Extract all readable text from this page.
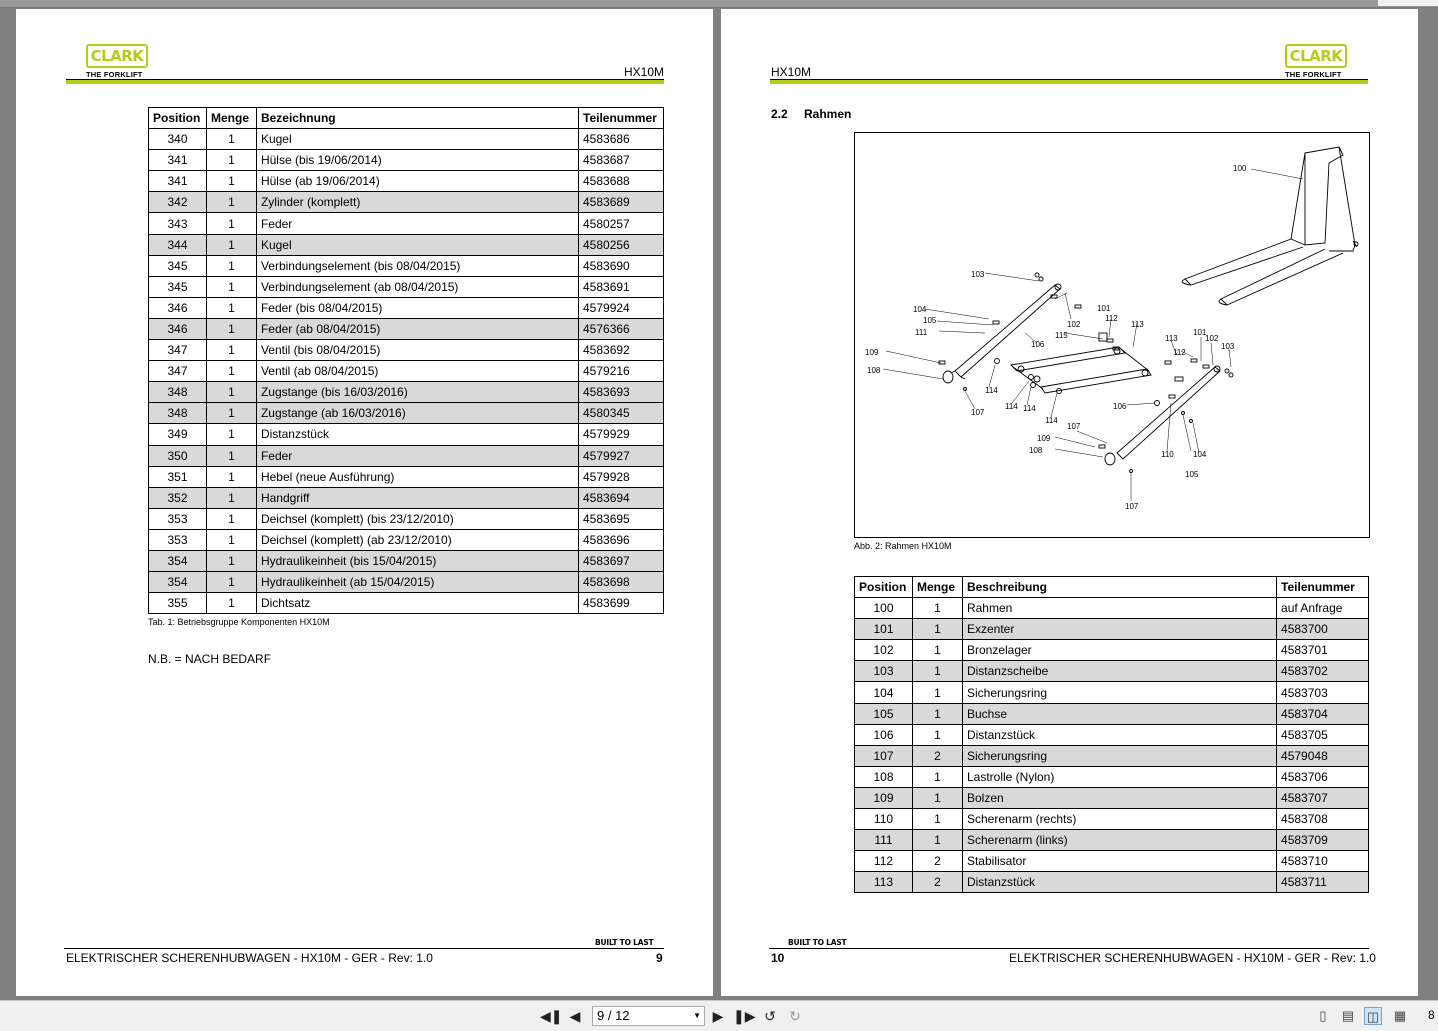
CLARK
THE FORKLIFT	HX10M
Position	Menge	Bezeichnung	Teilenummer
340	1	Kugel	4583686
341	1	Hülse (bis 19/06/2014)	4583687
341	1	Hülse (ab 19/06/2014)	4583688
342	1	Zylinder (komplett)	4583689
343	1	Feder	4580257
344	1	Kugel	4580256
345	1	Verbindungselement (bis 08/04/2015)	4583690
345	1	Verbindungselement (ab 08/04/2015)	4583691
346	1	Feder (bis 08/04/2015)	4579924
346	1	Feder (ab 08/04/2015)	4576366
347	1	Ventil (bis 08/04/2015)	4583692
347	1	Ventil (ab 08/04/2015)	4579216
348	1	Zugstange (bis 16/03/2016)	4583693
348	1	Zugstange (ab 16/03/2016)	4580345
349	1	Distanzstück	4579929
350	1	Feder	4579927
351	1	Hebel (neue Ausführung)	4579928
352	1	Handgriff	4583694
353	1	Deichsel (komplett) (bis 23/12/2010)	4583695
353	1	Deichsel (komplett) (ab 23/12/2010)	4583696
354	1	Hydraulikeinheit (bis 15/04/2015)	4583697
354	1	Hydraulikeinheit (ab 15/04/2015)	4583698
355	1	Dichtsatz	4583699
Tab. 1: Betriebsgruppe Komponenten HX10M
N.B. = NACH BEDARF
BUILT TO LAST
ELEKTRISCHER SCHERENHUBWAGEN - HX10M - GER - Rev: 1.0	9
HX10M
CLARK
THE FORKLIFT
2.2 Rahmen
100
101
102
103
104
105
106
107
108
109
110
111
112
113
114
115
114 114
114
106
107
109
108
107
105
104
113
112
101
102
103
Abb. 2: Rahmen HX10M
Position	Menge	Beschreibung	Teilenummer
100	1	Rahmen	auf Anfrage
101	1	Exzenter	4583700
102	1	Bronzelager	4583701
103	1	Distanzscheibe	4583702
104	1	Sicherungsring	4583703
105	1	Buchse	4583704
106	1	Distanzstück	4583705
107	2	Sicherungsring	4579048
108	1	Lastrolle (Nylon)	4583706
109	1	Bolzen	4583707
110	1	Scherenarm (rechts)	4583708
111	1	Scherenarm (links)	4583709
112	2	Stabilisator	4583710
113	2	Distanzstück	4583711
BUILT TO LAST
10	ELEKTRISCHER SCHERENHUBWAGEN - HX10M - GER - Rev: 1.0
◀❚ ◀	9 / 12	▼ ▶ ❚▶ ↺ ↻	▯	▤ ◫ ▦ 8
